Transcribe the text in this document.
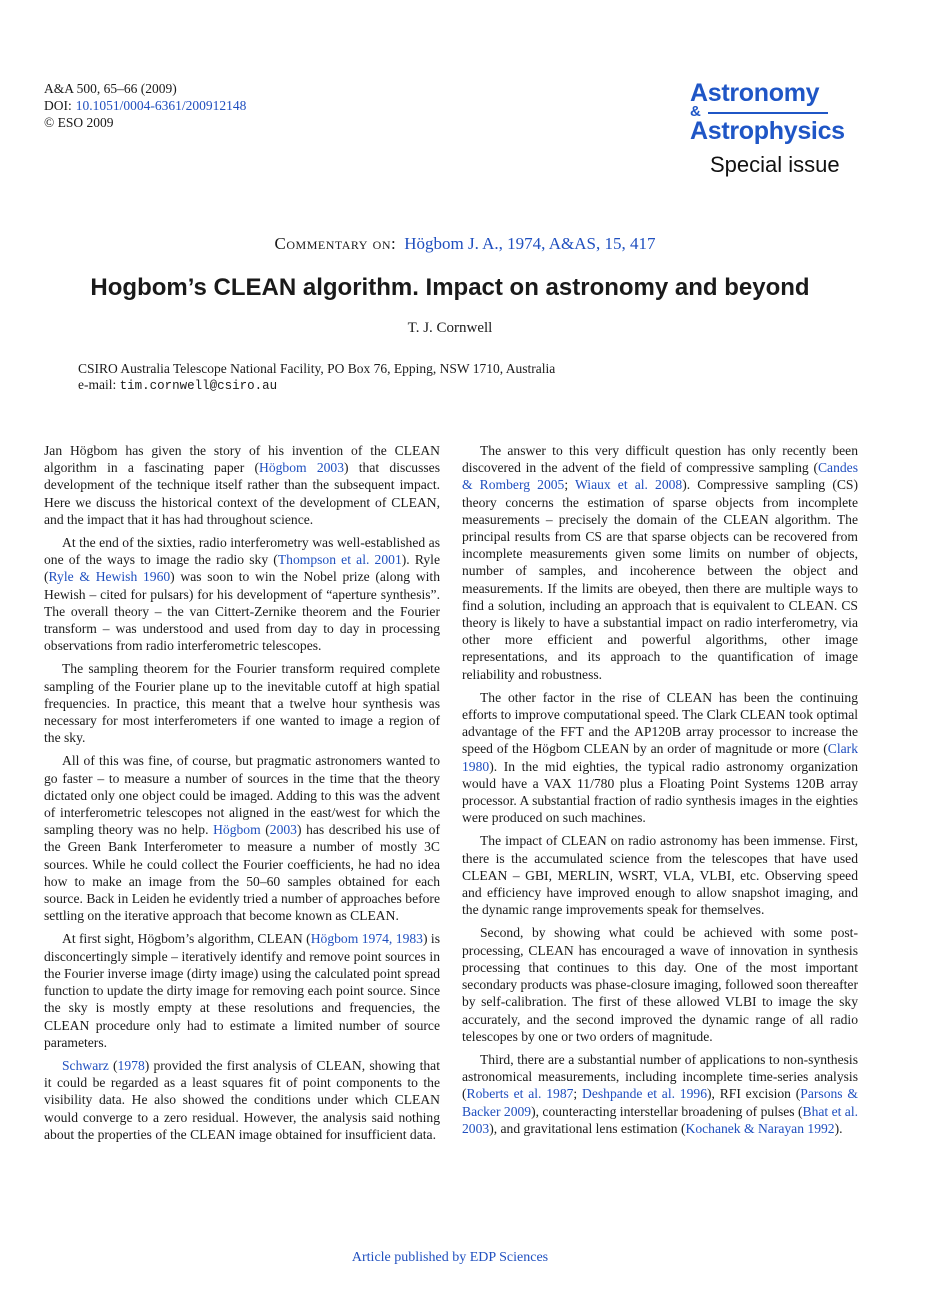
A&A 500, 65–66 (2009)
DOI: 10.1051/0004-6361/200912148
© ESO 2009
Astronomy
&
Astrophysics
Special issue
Commentary on: Högbom J. A., 1974, A&AS, 15, 417
Hogbom’s CLEAN algorithm. Impact on astronomy and beyond
T. J. Cornwell
CSIRO Australia Telescope National Facility, PO Box 76, Epping, NSW 1710, Australia
e-mail: tim.cornwell@csiro.au

Jan Högbom has given the story of his invention of the CLEAN algorithm in a fascinating paper (Högbom 2003) that discusses development of the technique itself rather than the subsequent impact. Here we discuss the historical context of the development of CLEAN, and the impact that it has had throughout science.

At the end of the sixties, radio interferometry was well-established as one of the ways to image the radio sky (Thompson et al. 2001). Ryle (Ryle & Hewish 1960) was soon to win the Nobel prize (along with Hewish – cited for pulsars) for his development of “aperture synthesis”. The overall theory – the van Cittert-Zernike theorem and the Fourier transform – was understood and used from day to day in processing observations from radio interferometric telescopes.

The sampling theorem for the Fourier transform required complete sampling of the Fourier plane up to the inevitable cutoff at high spatial frequencies. In practice, this meant that a twelve hour synthesis was necessary for most interferometers if one wanted to image a region of the sky.

All of this was fine, of course, but pragmatic astronomers wanted to go faster – to measure a number of sources in the time that the theory dictated only one object could be imaged. Adding to this was the advent of interferometric telescopes not aligned in the east/west for which the sampling theory was no help. Högbom (2003) has described his use of the Green Bank Interferometer to measure a number of mostly 3C sources. While he could collect the Fourier coefficients, he had no idea how to make an image from the 50–60 samples obtained for each source. Back in Leiden he evidently tried a number of approaches before settling on the iterative approach that become known as CLEAN.

At first sight, Högbom’s algorithm, CLEAN (Högbom 1974, 1983) is disconcertingly simple – iteratively identify and remove point sources in the Fourier inverse image (dirty image) using the calculated point spread function to update the dirty image for removing each point source. Since the sky is mostly empty at these resolutions and frequencies, the CLEAN procedure only had to estimate a limited number of source parameters.

Schwarz (1978) provided the first analysis of CLEAN, showing that it could be regarded as a least squares fit of point components to the visibility data. He also showed the conditions under which CLEAN would converge to a zero residual. However, the analysis said nothing about the properties of the CLEAN image obtained for insufficient data.

The answer to this very difficult question has only recently been discovered in the advent of the field of compressive sampling (Candes & Romberg 2005; Wiaux et al. 2008). Compressive sampling (CS) theory concerns the estimation of sparse objects from incomplete measurements – precisely the domain of the CLEAN algorithm. The principal results from CS are that sparse objects can be recovered from incomplete measurements given some limits on number of objects, number of samples, and incoherence between the object and measurements. If the limits are obeyed, then there are multiple ways to find a solution, including an approach that is equivalent to CLEAN. CS theory is likely to have a substantial impact on radio interferometry, via other more efficient and powerful algorithms, other image representations, and its approach to the quantification of image reliability and robustness.

The other factor in the rise of CLEAN has been the continuing efforts to improve computational speed. The Clark CLEAN took optimal advantage of the FFT and the AP120B array processor to increase the speed of the Högbom CLEAN by an order of magnitude or more (Clark 1980). In the mid eighties, the typical radio astronomy organization would have a VAX 11/780 plus a Floating Point Systems 120B array processor. A substantial fraction of radio synthesis images in the eighties were produced on such machines.

The impact of CLEAN on radio astronomy has been immense. First, there is the accumulated science from the telescopes that have used CLEAN – GBI, MERLIN, WSRT, VLA, VLBI, etc. Observing speed and efficiency have improved enough to allow snapshot imaging, and the dynamic range improvements speak for themselves.

Second, by showing what could be achieved with some post-processing, CLEAN has encouraged a wave of innovation in synthesis processing that continues to this day. One of the most important secondary products was phase-closure imaging, followed soon thereafter by self-calibration. The first of these allowed VLBI to image the sky accurately, and the second improved the dynamic range of all radio telescopes by one or two orders of magnitude.

Third, there are a substantial number of applications to non-synthesis astronomical measurements, including incomplete time-series analysis (Roberts et al. 1987; Deshpande et al. 1996), RFI excision (Parsons & Backer 2009), counteracting interstellar broadening of pulses (Bhat et al. 2003), and gravitational lens estimation (Kochanek & Narayan 1992).

Article published by EDP Sciences
